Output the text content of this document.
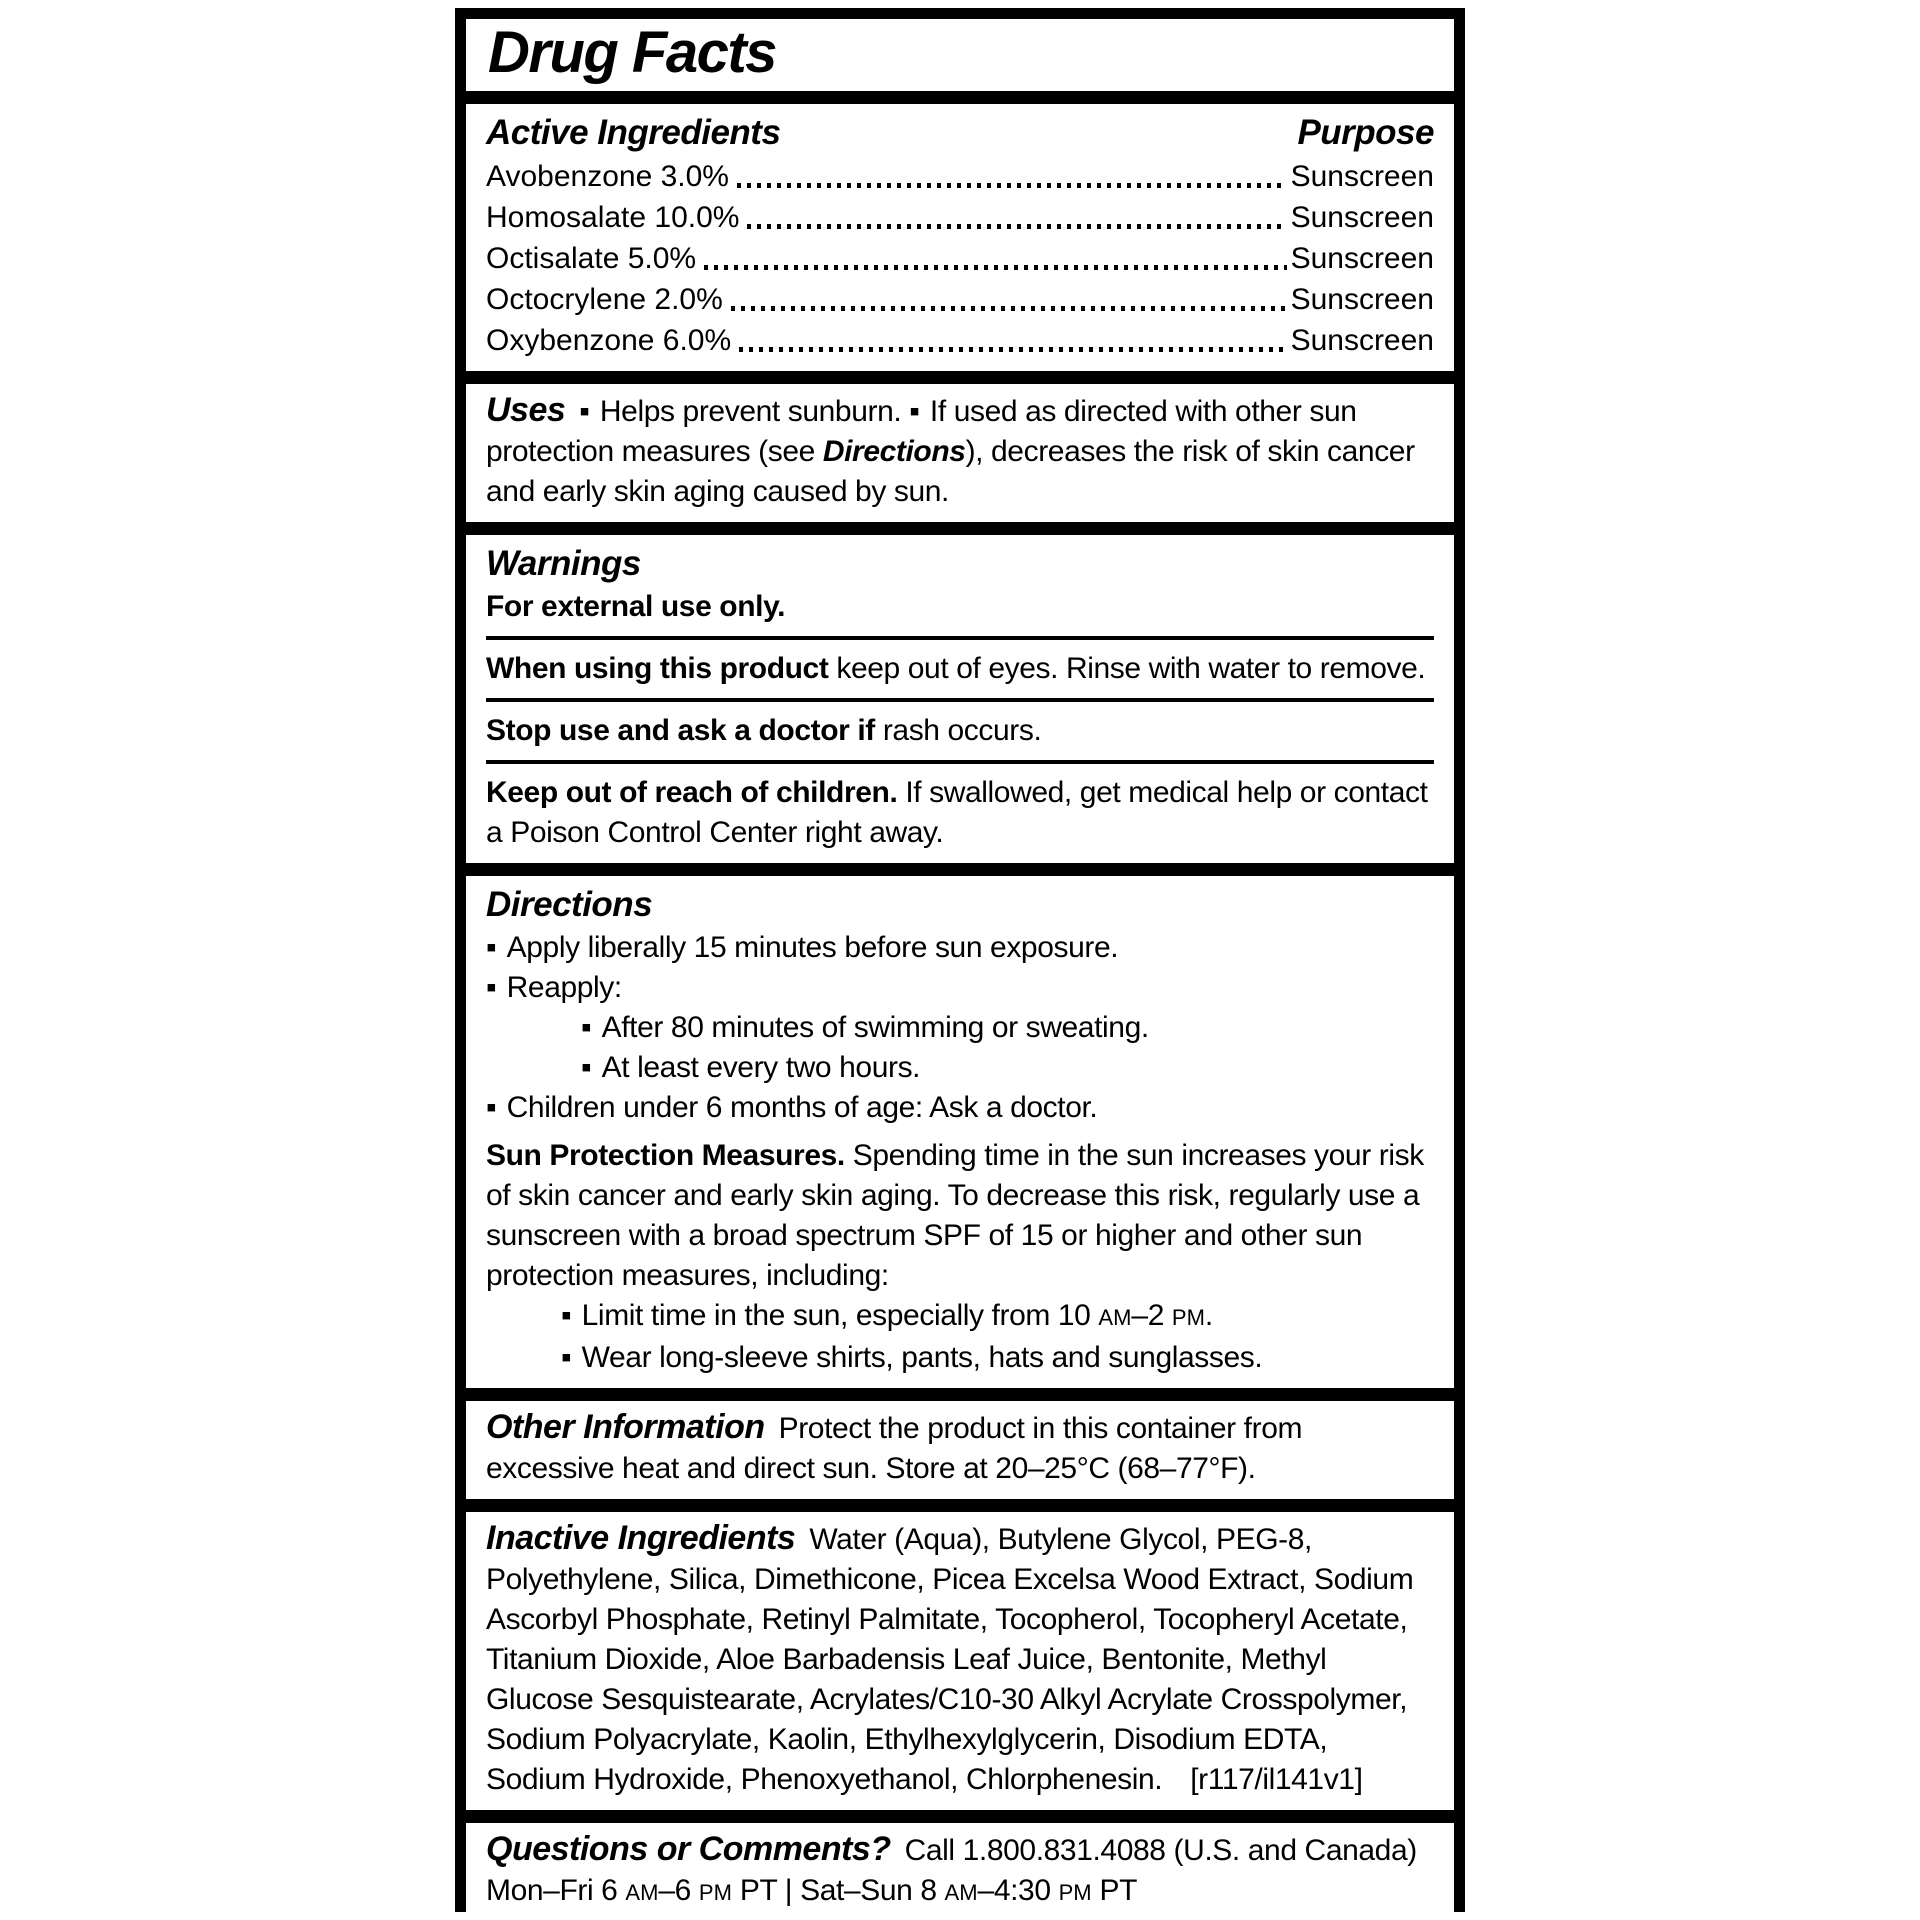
Drug Facts
Active Ingredients	Purpose
Avobenzone 3.0%	Sunscreen
Homosalate 10.0%	Sunscreen
Octisalate 5.0%	Sunscreen
Octocrylene 2.0%	Sunscreen
Oxybenzone 6.0%	Sunscreen

Uses ▪ Helps prevent sunburn. ▪ If used as directed with other sun protection measures (see Directions), decreases the risk of skin cancer and early skin aging caused by sun.

Warnings

For external use only.

When using this product keep out of eyes. Rinse with water to remove.

Stop use and ask a doctor if rash occurs.

Keep out of reach of children. If swallowed, get medical help or contact a Poison Control Center right away.

Directions

▪ Apply liberally 15 minutes before sun exposure.

▪ Reapply:

▪ After 80 minutes of swimming or sweating.

▪ At least every two hours.

▪ Children under 6 months of age: Ask a doctor.

Sun Protection Measures. Spending time in the sun increases your risk of skin cancer and early skin aging. To decrease this risk, regularly use a sunscreen with a broad spectrum SPF of 15 or higher and other sun protection measures, including:

▪ Limit time in the sun, especially from 10 AM–2 PM.

▪ Wear long-sleeve shirts, pants, hats and sunglasses.

Other Information Protect the product in this container from excessive heat and direct sun. Store at 20–25°C (68–77°F).

Inactive Ingredients Water (Aqua), Butylene Glycol, PEG-8, Polyethylene, Silica, Dimethicone, Picea Excelsa Wood Extract, Sodium Ascorbyl Phosphate, Retinyl Palmitate, Tocopherol, Tocopheryl Acetate, Titanium Dioxide, Aloe Barbadensis Leaf Juice, Bentonite, Methyl Glucose Sesquistearate, Acrylates/C10-30 Alkyl Acrylate Crosspolymer, Sodium Polyacrylate, Kaolin, Ethylhexylglycerin, Disodium EDTA, Sodium Hydroxide, Phenoxyethanol, Chlorphenesin. [r117/il141v1]

Questions or Comments? Call 1.800.831.4088 (U.S. and Canada)

Mon–Fri 6 AM–6 PM PT | Sat–Sun 8 AM–4:30 PM PT
